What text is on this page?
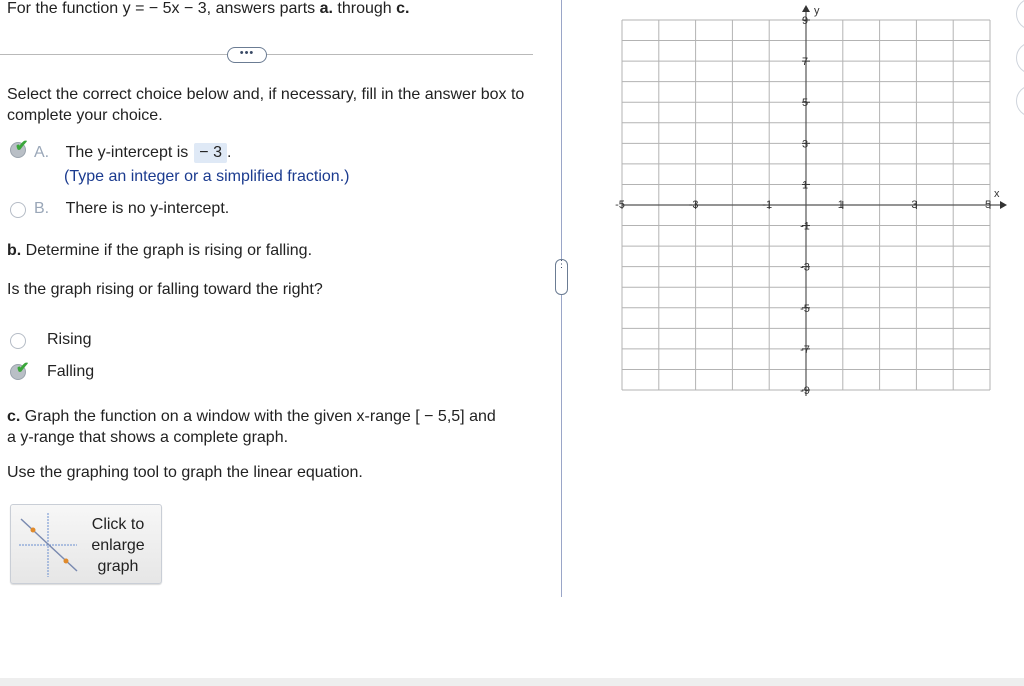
For the function y = − 5x − 3, answers parts a. through c.
•••
Select the correct choice below and, if necessary, fill in the answer box to complete your choice.
✔ A. The y-intercept is − 3 .
(Type an integer or a simplified fraction.)
B. There is no y-intercept.
b. Determine if the graph is rising or falling.
Is the graph rising or falling toward the right?
Rising
✔ Falling
c. Graph the function on a window with the given x-range [ − 5,5] and
a y-range that shows a complete graph.
Use the graphing tool to graph the linear equation.
Click to
enlarge
graph
⋮
-5	-3	-1	1	3	5
9
7
5
3
1
-1
-3
-5
-7
-9
x
y
